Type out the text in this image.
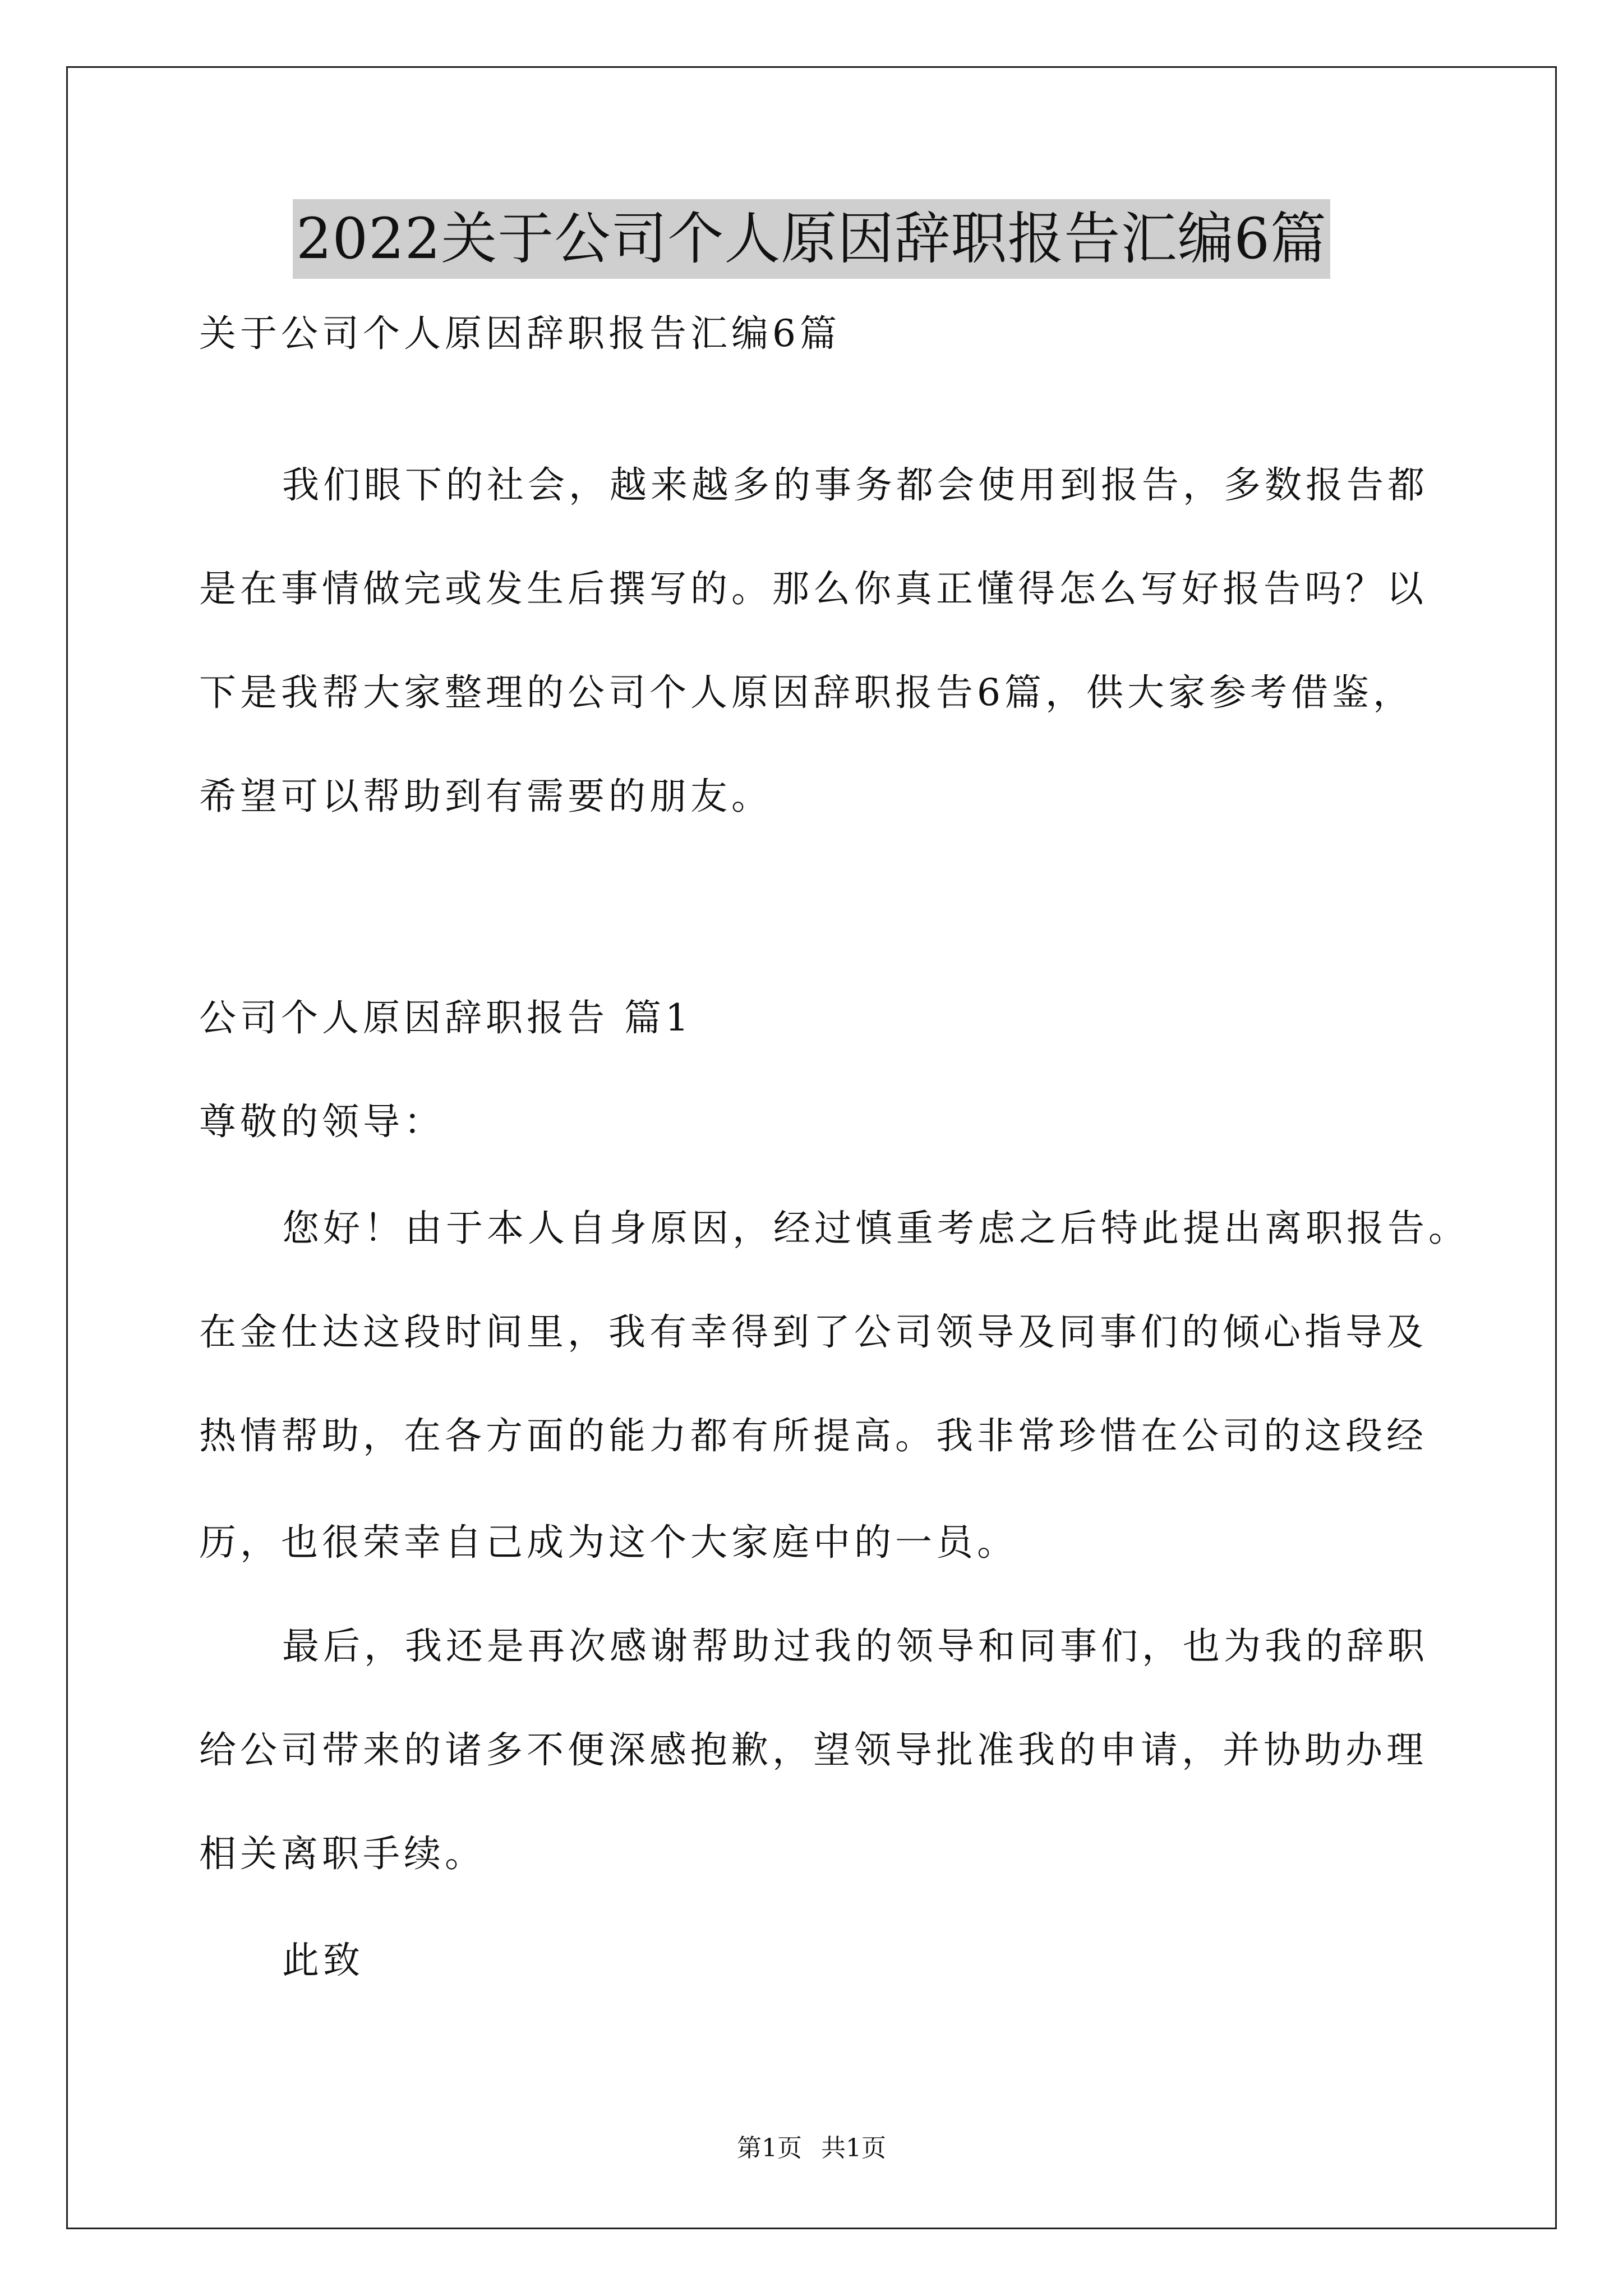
2022关于公司个人原因辞职报告汇编6篇
关于公司个人原因辞职报告汇编6篇
我们眼下的社会，越来越多的事务都会使用到报告，多数报告都
是在事情做完或发生后撰写的。那么你真正懂得怎么写好报告吗？以
下是我帮大家整理的公司个人原因辞职报告6篇，供大家参考借鉴，
希望可以帮助到有需要的朋友。
公司个人原因辞职报告 篇1
尊敬的领导：
您好！由于本人自身原因，经过慎重考虑之后特此提出离职报告。
在金仕达这段时间里，我有幸得到了公司领导及同事们的倾心指导及
热情帮助，在各方面的能力都有所提高。我非常珍惜在公司的这段经
历，也很荣幸自己成为这个大家庭中的一员。
最后，我还是再次感谢帮助过我的领导和同事们，也为我的辞职
给公司带来的诸多不便深感抱歉，望领导批准我的申请，并协助办理
相关离职手续。
此致
第1页 共1页
